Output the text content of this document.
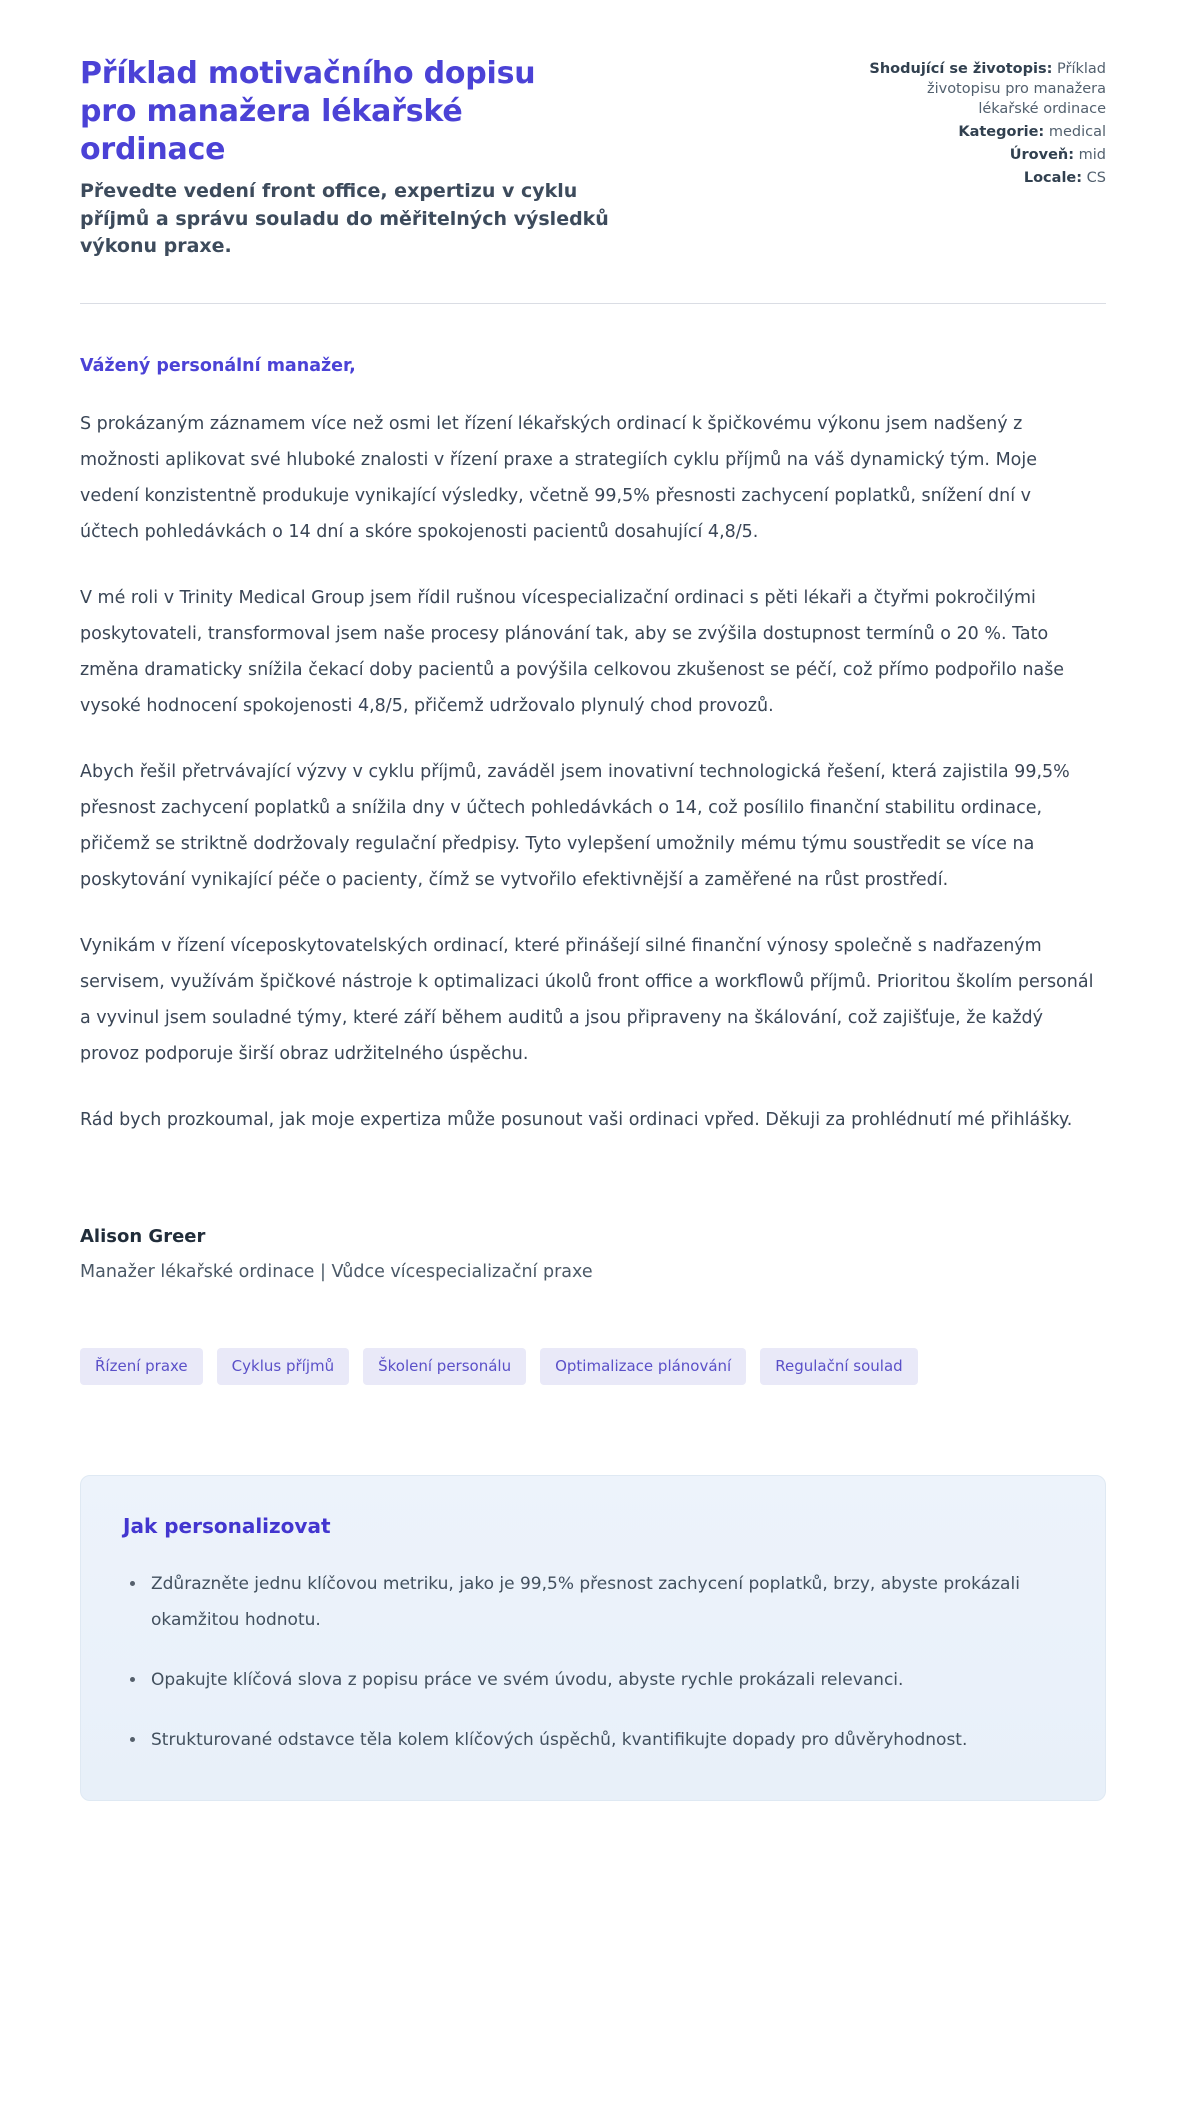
Příklad motivačního dopisu pro manažera lékařské ordinace
Převedte vedení front office, expertizu v cyklu příjmů a správu souladu do měřitelných výsledků výkonu praxe.
Shodující se životopis: Příklad životopisu pro manažera lékařské ordinace
Kategorie: medical
Úroveň: mid
Locale: CS
Vážený personální manažer,

S prokázaným záznamem více než osmi let řízení lékařských ordinací k špičkovému výkonu jsem nadšený z možnosti aplikovat své hluboké znalosti v řízení praxe a strategiích cyklu příjmů na váš dynamický tým. Moje vedení konzistentně produkuje vynikající výsledky, včetně 99,5% přesnosti zachycení poplatků, snížení dní v účtech pohledávkách o 14 dní a skóre spokojenosti pacientů dosahující 4,8/5.

V mé roli v Trinity Medical Group jsem řídil rušnou vícespecializační ordinaci s pěti lékaři a čtyřmi pokročilými poskytovateli, transformoval jsem naše procesy plánování tak, aby se zvýšila dostupnost termínů o 20 %. Tato změna dramaticky snížila čekací doby pacientů a povýšila celkovou zkušenost se péčí, což přímo podpořilo naše vysoké hodnocení spokojenosti 4,8/5, přičemž udržovalo plynulý chod provozů.

Abych řešil přetrvávající výzvy v cyklu příjmů, zaváděl jsem inovativní technologická řešení, která zajistila 99,5% přesnost zachycení poplatků a snížila dny v účtech pohledávkách o 14, což posílilo finanční stabilitu ordinace, přičemž se striktně dodržovaly regulační předpisy. Tyto vylepšení umožnily mému týmu soustředit se více na poskytování vynikající péče o pacienty, čímž se vytvořilo efektivnější a zaměřené na růst prostředí.

Vynikám v řízení víceposkytovatelských ordinací, které přinášejí silné finanční výnosy společně s nadřazeným servisem, využívám špičkové nástroje k optimalizaci úkolů front office a workflowů příjmů. Prioritou školím personál a vyvinul jsem souladné týmy, které září během auditů a jsou připraveny na škálování, což zajišťuje, že každý provoz podporuje širší obraz udržitelného úspěchu.

Rád bych prozkoumal, jak moje expertiza může posunout vaši ordinaci vpřed. Děkuji za prohlédnutí mé přihlášky.

Alison Greer
Manažer lékařské ordinace | Vůdce vícespecializační praxe
Řízení praxe	Cyklus příjmů	Školení personálu	Optimalizace plánování	Regulační soulad
Jak personalizovat
• Zdůrazněte jednu klíčovou metriku, jako je 99,5% přesnost zachycení poplatků, brzy, abyste prokázali okamžitou hodnotu.
• Opakujte klíčová slova z popisu práce ve svém úvodu, abyste rychle prokázali relevanci.
• Strukturované odstavce těla kolem klíčových úspěchů, kvantifikujte dopady pro důvěryhodnost.
